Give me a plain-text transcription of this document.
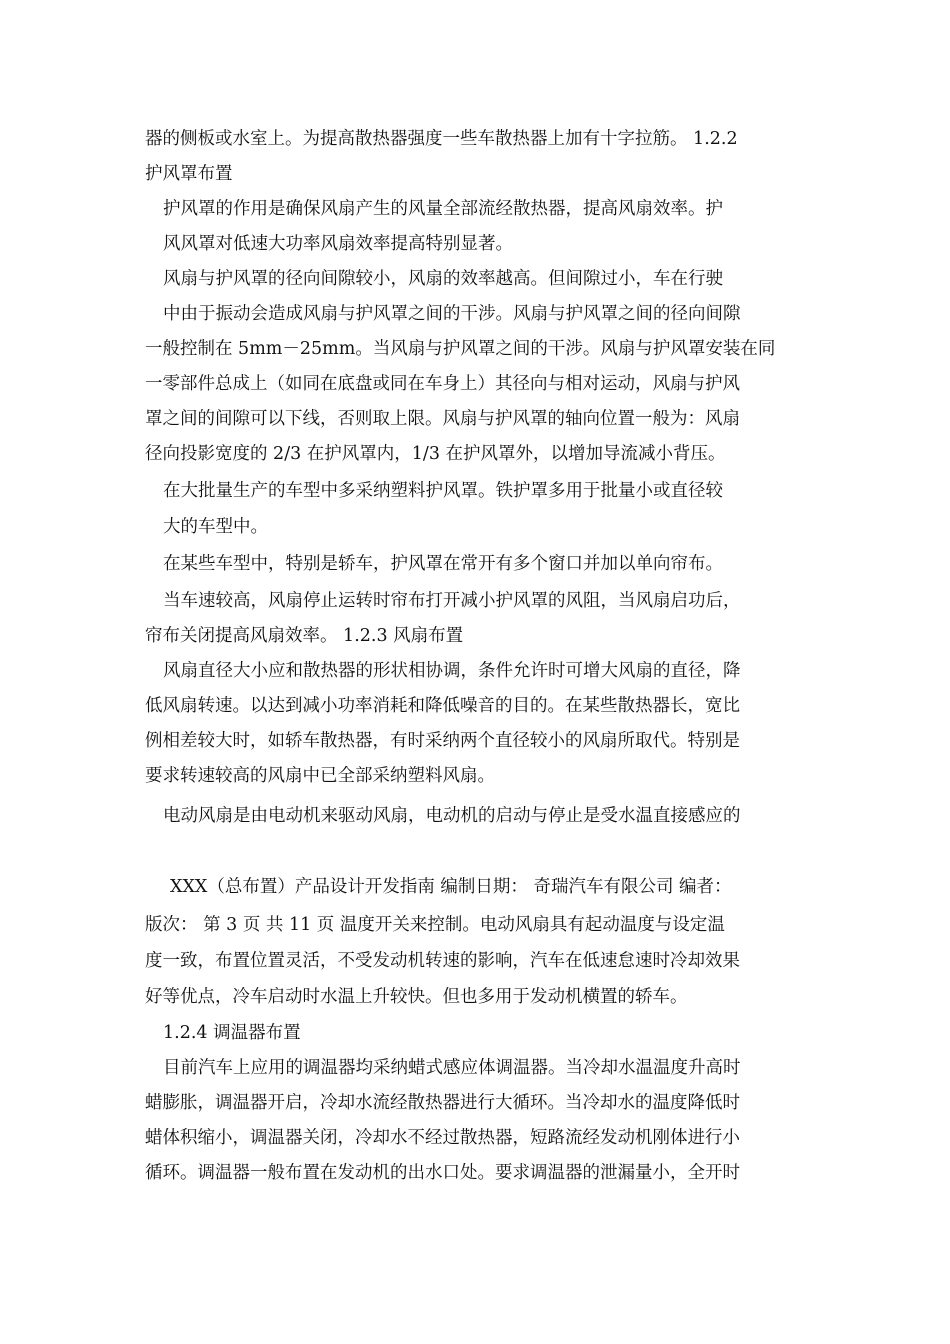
器的侧板或水室上。为提高散热器强度一些车散热器上加有十字拉筋。 1.2.2

护风罩布置

护风罩的作用是确保风扇产生的风量全部流经散热器，提高风扇效率。护

风风罩对低速大功率风扇效率提高特别显著。

风扇与护风罩的径向间隙较小，风扇的效率越高。但间隙过小，车在行驶

中由于振动会造成风扇与护风罩之间的干涉。风扇与护风罩之间的径向间隙

一般控制在 5mm－25mm。当风扇与护风罩之间的干涉。风扇与护风罩安装在同

一零部件总成上（如同在底盘或同在车身上）其径向与相对运动，风扇与护风

罩之间的间隙可以下线，否则取上限。风扇与护风罩的轴向位置一般为：风扇

径向投影宽度的 2/3 在护风罩内，1/3 在护风罩外，以增加导流减小背压。

在大批量生产的车型中多采纳塑料护风罩。铁护罩多用于批量小或直径较

大的车型中。

在某些车型中，特别是轿车，护风罩在常开有多个窗口并加以单向帘布。

当车速较高，风扇停止运转时帘布打开减小护风罩的风阻，当风扇启功后，

帘布关闭提高风扇效率。 1.2.3 风扇布置

风扇直径大小应和散热器的形状相协调，条件允许时可增大风扇的直径，降

低风扇转速。以达到减小功率消耗和降低噪音的目的。在某些散热器长，宽比

例相差较大时，如轿车散热器，有时采纳两个直径较小的风扇所取代。特别是

要求转速较高的风扇中已全部采纳塑料风扇。

电动风扇是由电动机来驱动风扇，电动机的启动与停止是受水温直接感应的

XXX（总布置）产品设计开发指南 编制日期： 奇瑞汽车有限公司 编者：

版次： 第 3 页 共 11 页 温度开关来控制。电动风扇具有起动温度与设定温

度一致，布置位置灵活，不受发动机转速的影响，汽车在低速怠速时冷却效果

好等优点，冷车启动时水温上升较快。但也多用于发动机横置的轿车。

1.2.4 调温器布置

目前汽车上应用的调温器均采纳蜡式感应体调温器。当冷却水温温度升高时

蜡膨胀，调温器开启，冷却水流经散热器进行大循环。当冷却水的温度降低时

蜡体积缩小，调温器关闭，冷却水不经过散热器，短路流经发动机刚体进行小

循环。调温器一般布置在发动机的出水口处。要求调温器的泄漏量小，全开时
